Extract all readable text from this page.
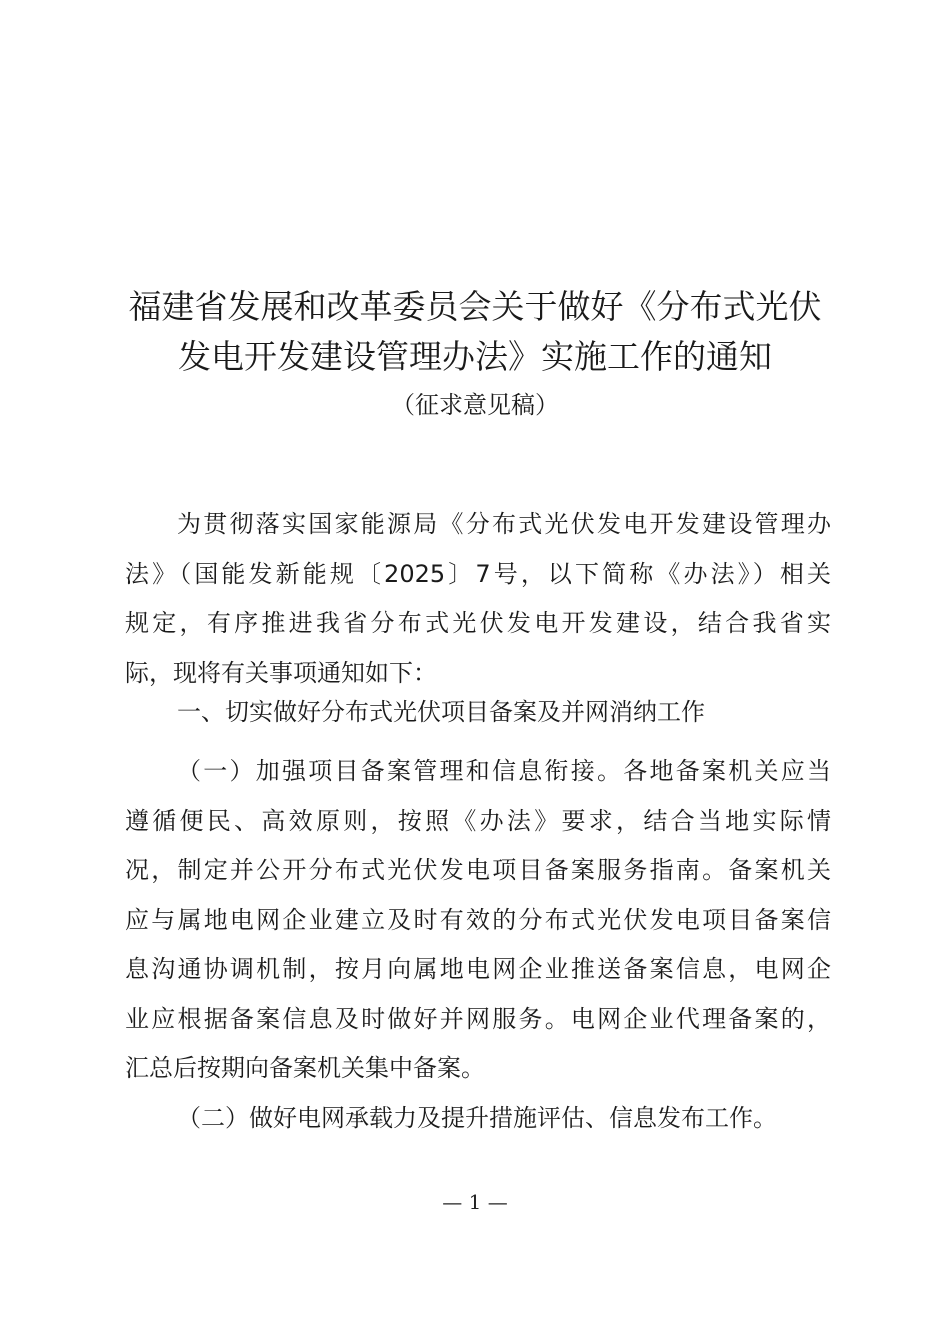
福建省发展和改革委员会关于做好《分布式光伏
发电开发建设管理办法》实施工作的通知
（征求意见稿）
为贯彻落实国家能源局《分布式光伏发电开发建设管理办
法》（国能发新能规〔2025〕7号，以下简称《办法》）相关
规定，有序推进我省分布式光伏发电开发建设，结合我省实
际，现将有关事项通知如下：
一、切实做好分布式光伏项目备案及并网消纳工作
（一）加强项目备案管理和信息衔接。各地备案机关应当
遵循便民、高效原则，按照《办法》要求，结合当地实际情
况，制定并公开分布式光伏发电项目备案服务指南。备案机关
应与属地电网企业建立及时有效的分布式光伏发电项目备案信
息沟通协调机制，按月向属地电网企业推送备案信息，电网企
业应根据备案信息及时做好并网服务。电网企业代理备案的，
汇总后按期向备案机关集中备案。
（二）做好电网承载力及提升措施评估、信息发布工作。
— 1 —
